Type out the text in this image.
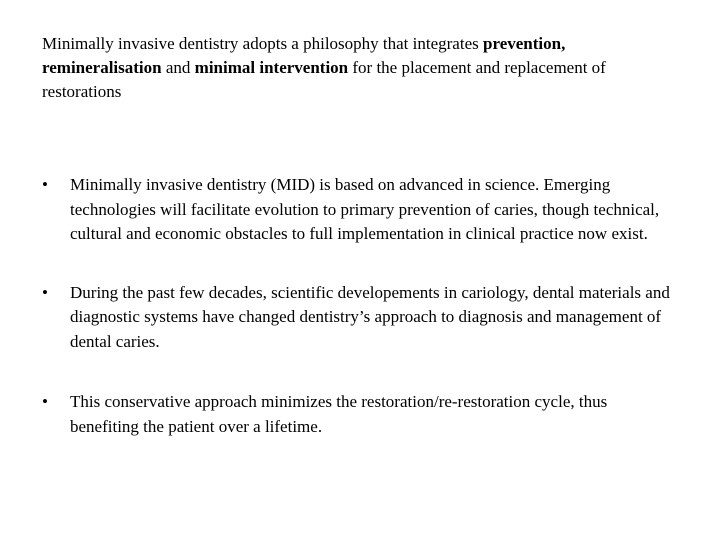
Minimally invasive dentistry adopts a philosophy that integrates prevention, remineralisation and minimal intervention for the placement and replacement of restorations

•	Minimally invasive dentistry (MID) is based on advanced in science. Emerging technologies will facilitate evolution to primary prevention of caries, though technical, cultural and economic obstacles to full implementation in clinical practice now exist.
•	During the past few decades, scientific developements in cariology, dental materials and diagnostic systems have changed dentistry’s approach to diagnosis and management of dental caries.
•	This conservative approach minimizes the restoration/re-restoration cycle, thus benefiting the patient over a lifetime.
